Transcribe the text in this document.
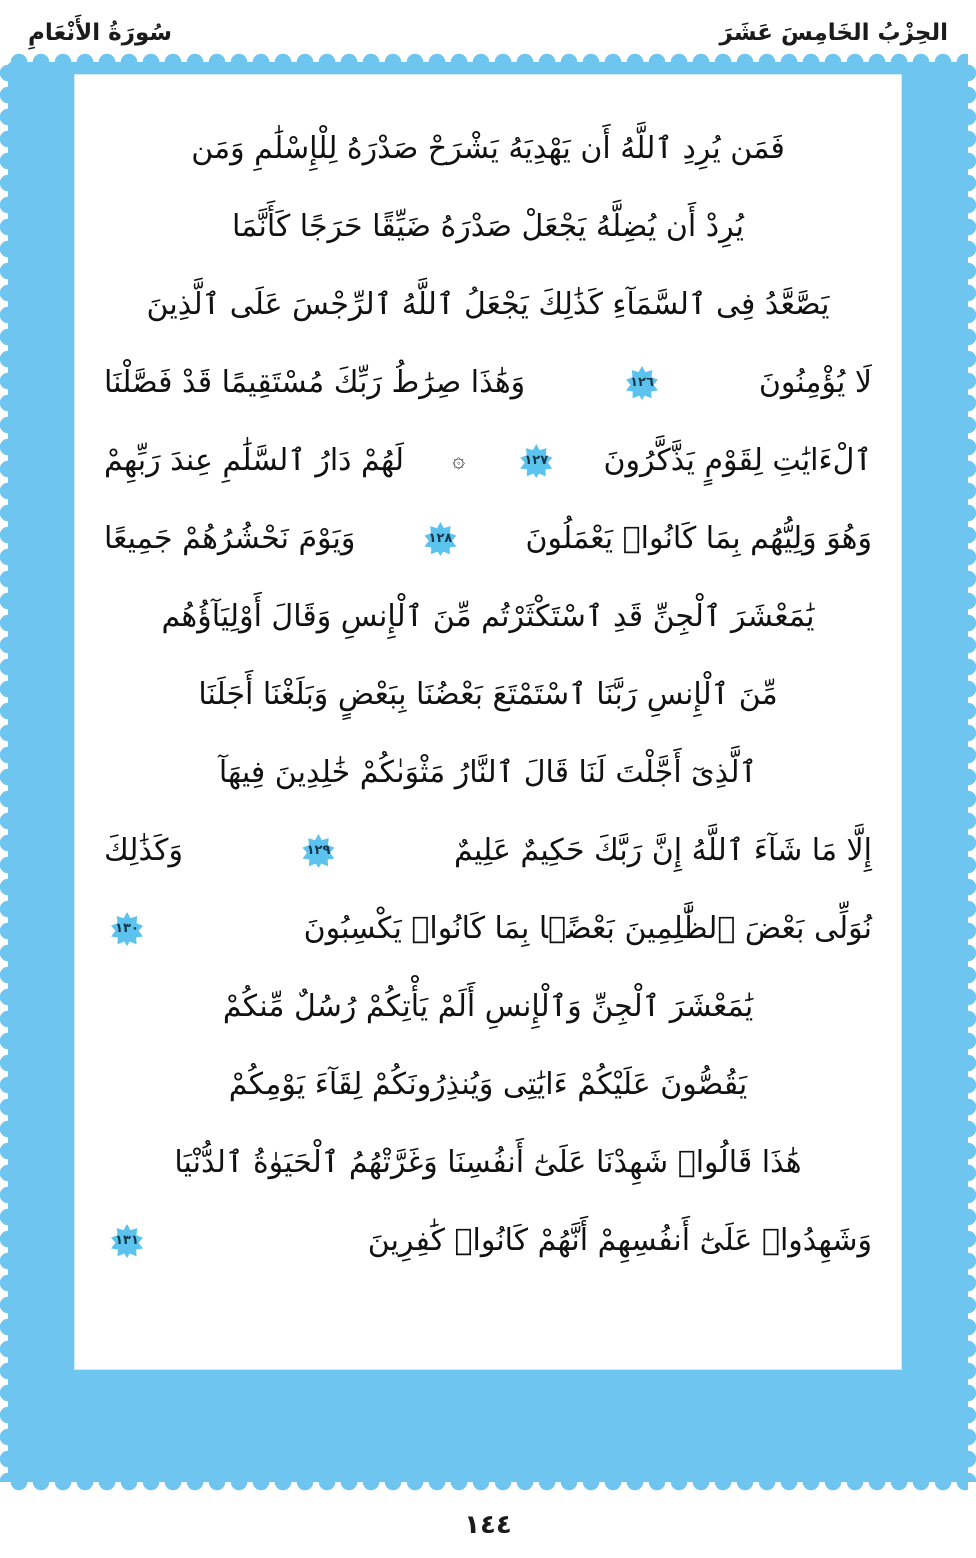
سُورَةُ الأَنْعَامِ	الحِزْبُ الخَامِسَ عَشَرَ
فَمَن يُرِدِ ٱللَّهُ أَن يَهْدِيَهُ يَشْرَحْ صَدْرَهُ لِلْإِسْلَٰمِ وَمَن
يُرِدْ أَن يُضِلَّهُ يَجْعَلْ صَدْرَهُ ضَيِّقًا حَرَجًا كَأَنَّمَا
يَصَّعَّدُ فِى ٱلسَّمَآءِ كَذَٰلِكَ يَجْعَلُ ٱللَّهُ ٱلرِّجْسَ عَلَى ٱلَّذِينَ
لَا يُؤْمِنُونَ
١٢٦
وَهَٰذَا صِرَٰطُ رَبِّكَ مُسْتَقِيمًا قَدْ فَصَّلْنَا
ٱلْءَايَٰتِ لِقَوْمٍ يَذَّكَّرُونَ
١٢٧
۞
لَهُمْ دَارُ ٱلسَّلَٰمِ عِندَ رَبِّهِمْ
وَهُوَ وَلِيُّهُم بِمَا كَانُوا۟ يَعْمَلُونَ
١٢٨
وَيَوْمَ نَحْشُرُهُمْ جَمِيعًا
يَٰمَعْشَرَ ٱلْجِنِّ قَدِ ٱسْتَكْثَرْتُم مِّنَ ٱلْإِنسِ وَقَالَ أَوْلِيَآؤُهُم
مِّنَ ٱلْإِنسِ رَبَّنَا ٱسْتَمْتَعَ بَعْضُنَا بِبَعْضٍ وَبَلَغْنَا أَجَلَنَا
ٱلَّذِىٓ أَجَّلْتَ لَنَا قَالَ ٱلنَّارُ مَثْوَىٰكُمْ خَٰلِدِينَ فِيهَآ
إِلَّا مَا شَآءَ ٱللَّهُ إِنَّ رَبَّكَ حَكِيمٌ عَلِيمٌ
١٢٩
وَكَذَٰلِكَ
نُوَلِّى بَعْضَ ٱلظَّٰلِمِينَ بَعْضًۢا بِمَا كَانُوا۟ يَكْسِبُونَ
١٣٠
يَٰمَعْشَرَ ٱلْجِنِّ وَٱلْإِنسِ أَلَمْ يَأْتِكُمْ رُسُلٌ مِّنكُمْ
يَقُصُّونَ عَلَيْكُمْ ءَايَٰتِى وَيُنذِرُونَكُمْ لِقَآءَ يَوْمِكُمْ
هَٰذَا قَالُوا۟ شَهِدْنَا عَلَىٰٓ أَنفُسِنَا وَغَرَّتْهُمُ ٱلْحَيَوٰةُ ٱلدُّنْيَا
وَشَهِدُوا۟ عَلَىٰٓ أَنفُسِهِمْ أَنَّهُمْ كَانُوا۟ كَٰفِرِينَ
١٣١
١٤٤
